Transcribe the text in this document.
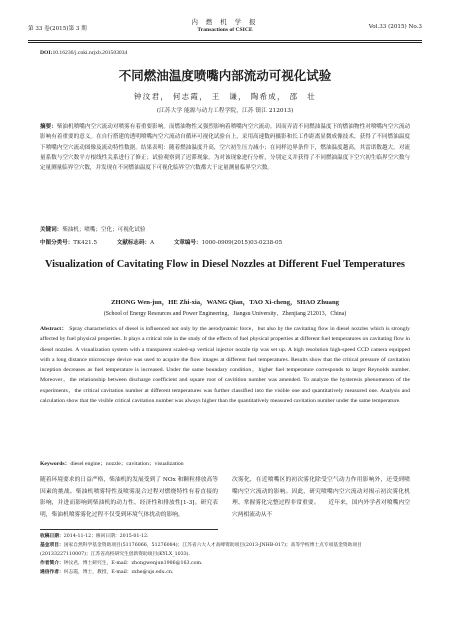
第 33 卷(2015)第 3 期
内 燃 机 学 报
Transactions of CSICE	Vol.33 (2015) No.3
DOI:10.16236/j.cnki.nrjxb.201503034
不同燃油温度喷嘴内部流动可视化试验
钟汶君， 何志霞， 王　谦， 陶希成， 邵　壮
(江苏大学 能源与动力工程学院，江苏 镇江 212013)
摘要：柴油机喷嘴内空穴流动对喷雾有着重要影响。而燃油物性又强烈影响着喷嘴内空穴流动。因而弄清不同燃油温度下的燃油物性对喷嘴内空穴流动影响有着重要的意义。在自行搭建的透明喷嘴内空穴流动自循环可视化试验台上，采用高速数码摄影和长工作距离显微成像技术，获得了不同燃油温度下喷嘴内空穴流动图像及流动特性数据。结果表明：随着燃油温度升高，空穴初生压力减小；在同样边界条件下，燃油温度越高，其雷诺数越大。对流量系数与空穴数平方根线性关系进行了修正；试验观察到了迟滞现象。为对该现象进行分析，分别定义并获得了不同燃油温度下空穴初生临界空穴数与定量测量临界空穴数，并发现在不同燃油温度下可视化临界空穴数都大于定量测量临界空穴数。
关键词：柴油机；喷嘴；空化；可视化试验
中图分类号：TK421.5	文献标志码：A	文章编号：1000-0909(2015)03-0238-05
Visualization of Cavitating Flow in Diesel Nozzles at Different Fuel Temperatures
ZHONG Wen-jun，HE Zhi-xia，WANG Qian，TAO Xi-cheng，SHAO Zhuang
(School of Energy Resources and Power Engineering，Jiangsu University，Zhenjiang 212013，China)
Abstract： Spray characteristics of diesel is influenced not only by the aerodynamic force，but also by the cavitating flow in diesel nozzles which is strongly affected by fuel physical properties. It plays a critical role in the study of the effects of fuel physical properties at different fuel temperatures on cavitating flow in diesel nozzles. A visualization system with a transparent scaled-up vertical injector nozzle tip was set up. A high resolution high-speed CCD camera equipped with a long distance microscope device was used to acquire the flow images at different fuel temperatures. Results show that the critical pressure of cavitation inception decreases as fuel temperature is increased. Under the same boundary condition，higher fuel temperature corresponds to larger Reynolds number. Moreover，the relationship between discharge coefficient and square root of cavitition number was amended. To analyze the hysteresis phenomenon of the experiments，the critical cavitation number at different temperatures was further classified into the visible one and quantitatively measured one. Analysis and calculation show that the visible critical cavitation number was always higher than the quantitatively measured cavitation number under the same temperature.
Keywords：diesel engine；nozzle；cavitation；visualization
随着环境要求的日益严格，柴油机的发展受到了 NOx 和颗粒排放高等因素的挑战。柴油机喷雾特性及喷雾混合过程对燃烧特性有着直接的影响，并进而影响到柴油机的动力性、经济性和排放性[1-3]。研究表明，柴油机喷雾雾化过程不仅受到环境气体扰动的影响，
次雾化，在近喷嘴区的初次雾化除受空气动力作用影响外，还受到喷嘴内空穴流动的影响。因此，研究喷嘴内空穴流动对揭示初次雾化机理、掌握雾化完整过程非常重要。　　近年来，国内外学者对喷嘴内空穴两相流动从不
收稿日期：2014-11-12；修回日期：2015-01-12.
基金项目：国家自然科学基金资助项目(51176066，51276084)；江苏省六大人才高峰资助项目(2013-JNHB-017)；高等学校博士点专项基金资助项目(20133227110007)；江苏省高校研究生创新资助项目(KYLX_1033).
作者简介：钟汶君，博士研究生，E-mail：zhongwenjun1986@163.com.
通信作者：何志霞，博士，教授，E-mail：zxhe@ujs.edu.cn.
